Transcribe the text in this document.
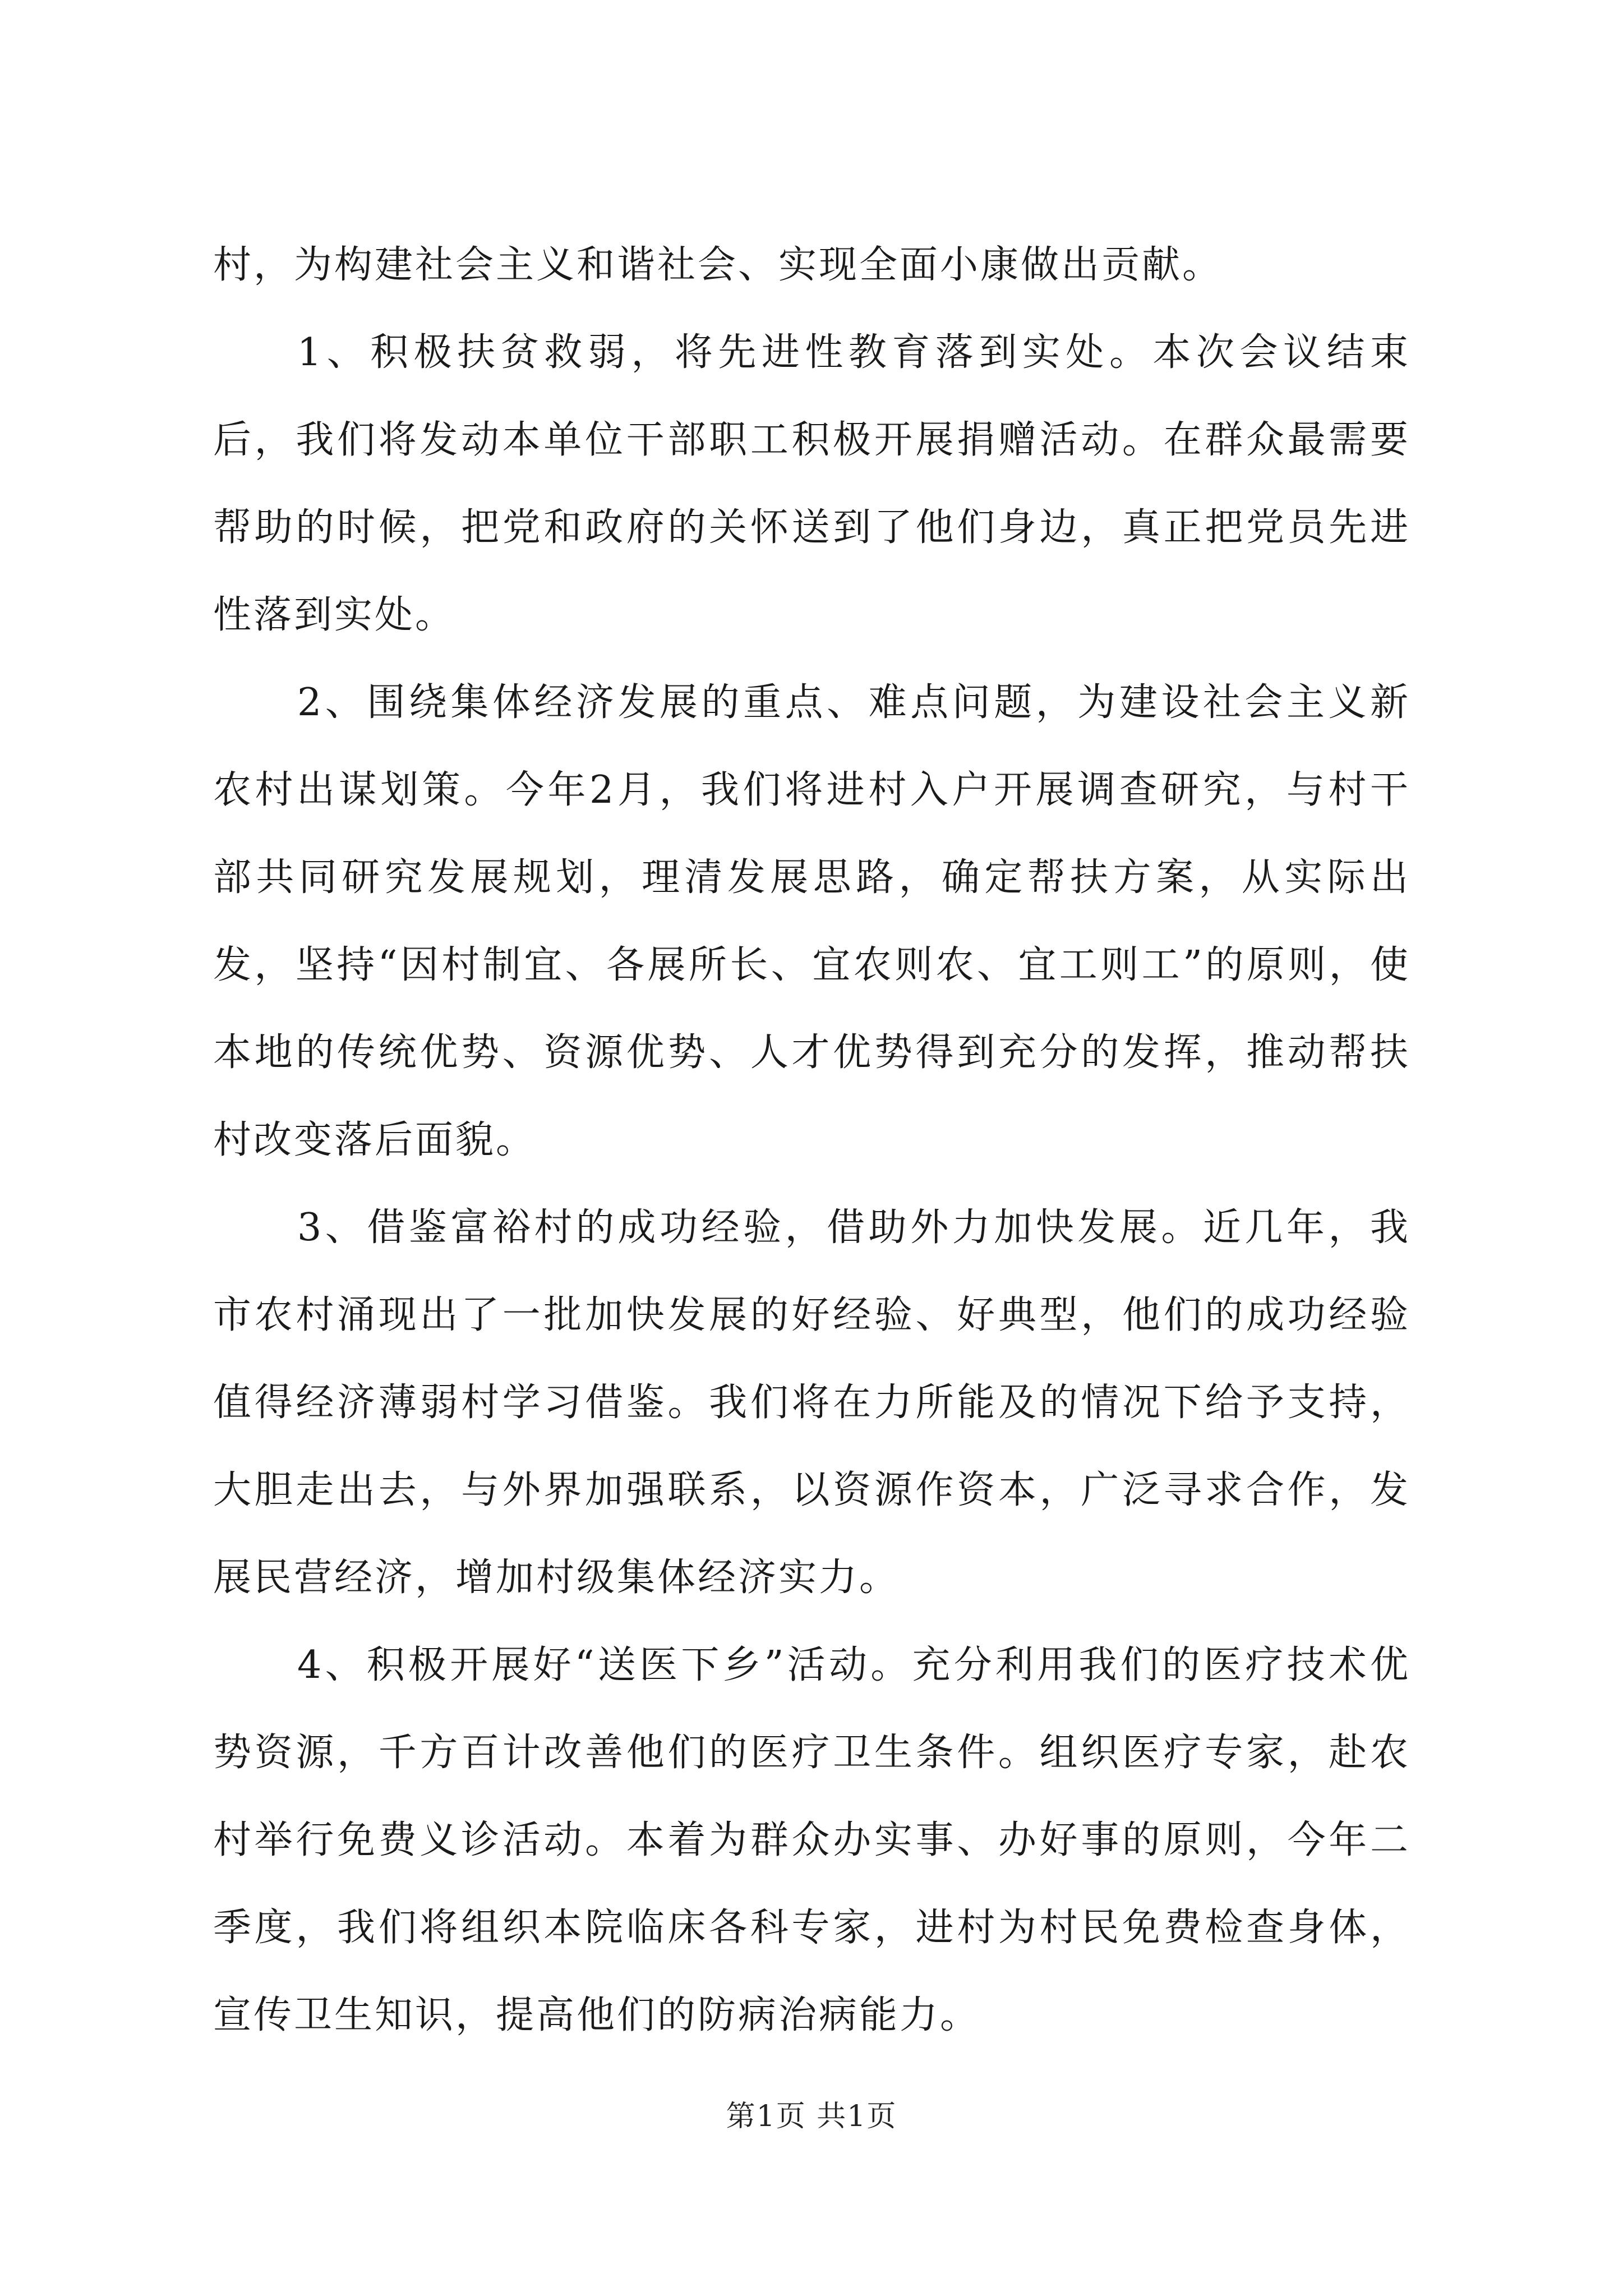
村，为构建社会主义和谐社会、实现全面小康做出贡献。

1、积极扶贫救弱，将先进性教育落到实处。本次会议结束后，我们将发动本单位干部职工积极开展捐赠活动。在群众最需要帮助的时候，把党和政府的关怀送到了他们身边，真正把党员先进性落到实处。

2、围绕集体经济发展的重点、难点问题，为建设社会主义新农村出谋划策。今年2月，我们将进村入户开展调查研究，与村干部共同研究发展规划，理清发展思路，确定帮扶方案，从实际出发，坚持“因村制宜、各展所长、宜农则农、宜工则工”的原则，使本地的传统优势、资源优势、人才优势得到充分的发挥，推动帮扶村改变落后面貌。

3、借鉴富裕村的成功经验，借助外力加快发展。近几年，我市农村涌现出了一批加快发展的好经验、好典型，他们的成功经验值得经济薄弱村学习借鉴。我们将在力所能及的情况下给予支持，大胆走出去，与外界加强联系，以资源作资本，广泛寻求合作，发展民营经济，增加村级集体经济实力。

4、积极开展好“送医下乡”活动。充分利用我们的医疗技术优势资源，千方百计改善他们的医疗卫生条件。组织医疗专家，赴农村举行免费义诊活动。本着为群众办实事、办好事的原则，今年二季度，我们将组织本院临床各科专家，进村为村民免费检查身体，宣传卫生知识，提高他们的防病治病能力。

第1页 共1页
